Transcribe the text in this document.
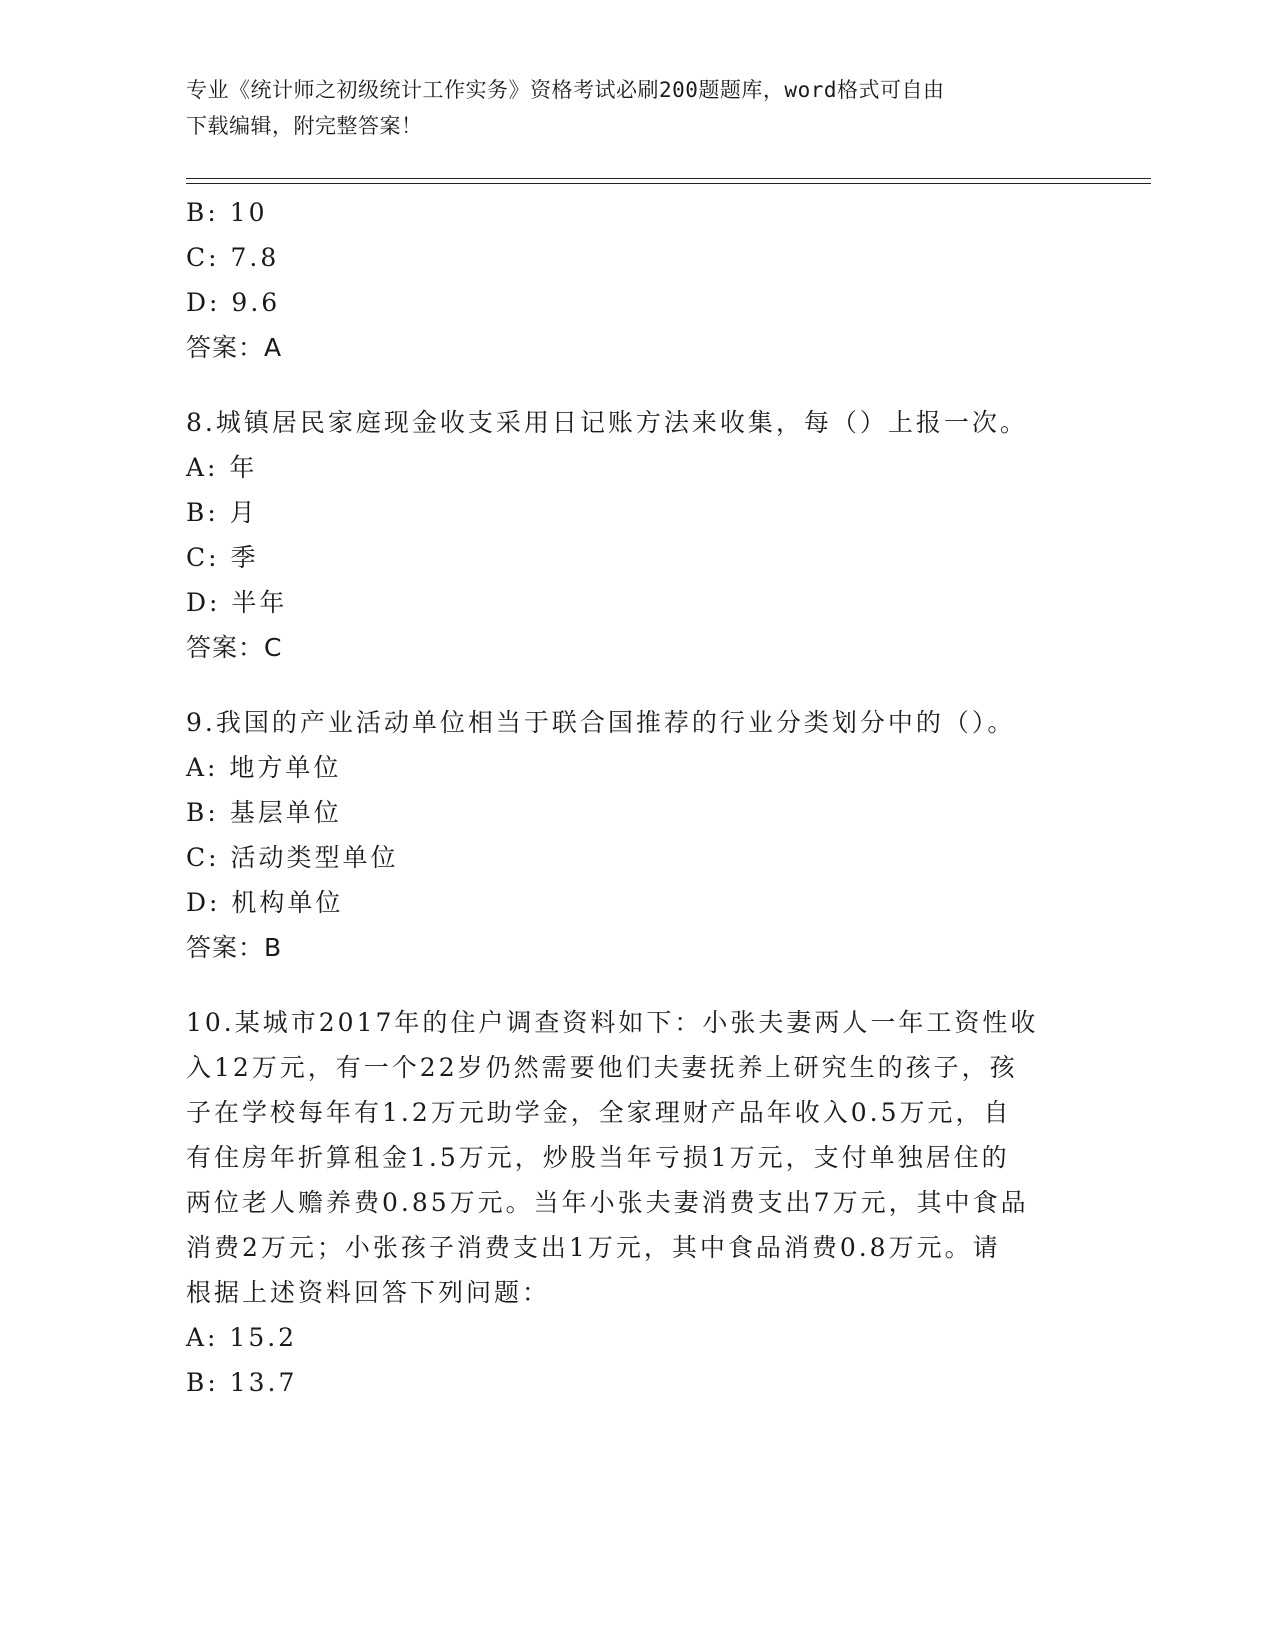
专业《统计师之初级统计工作实务》资格考试必刷200题题库，word格式可自由
下载编辑，附完整答案！
B: 10
C: 7.8
D: 9.6
答案：A
8.城镇居民家庭现金收支采用日记账方法来收集，每（）上报一次。
A: 年
B: 月
C: 季
D: 半年
答案：C
9.我国的产业活动单位相当于联合国推荐的行业分类划分中的（）。
A: 地方单位
B: 基层单位
C: 活动类型单位
D: 机构单位
答案：B
10.某城市2017年的住户调查资料如下：小张夫妻两人一年工资性收
入12万元，有一个22岁仍然需要他们夫妻抚养上研究生的孩子，孩
子在学校每年有1.2万元助学金，全家理财产品年收入0.5万元，自
有住房年折算租金1.5万元，炒股当年亏损1万元，支付单独居住的
两位老人赡养费0.85万元。当年小张夫妻消费支出7万元，其中食品
消费2万元；小张孩子消费支出1万元，其中食品消费0.8万元。请
根据上述资料回答下列问题：
A: 15.2
B: 13.7
